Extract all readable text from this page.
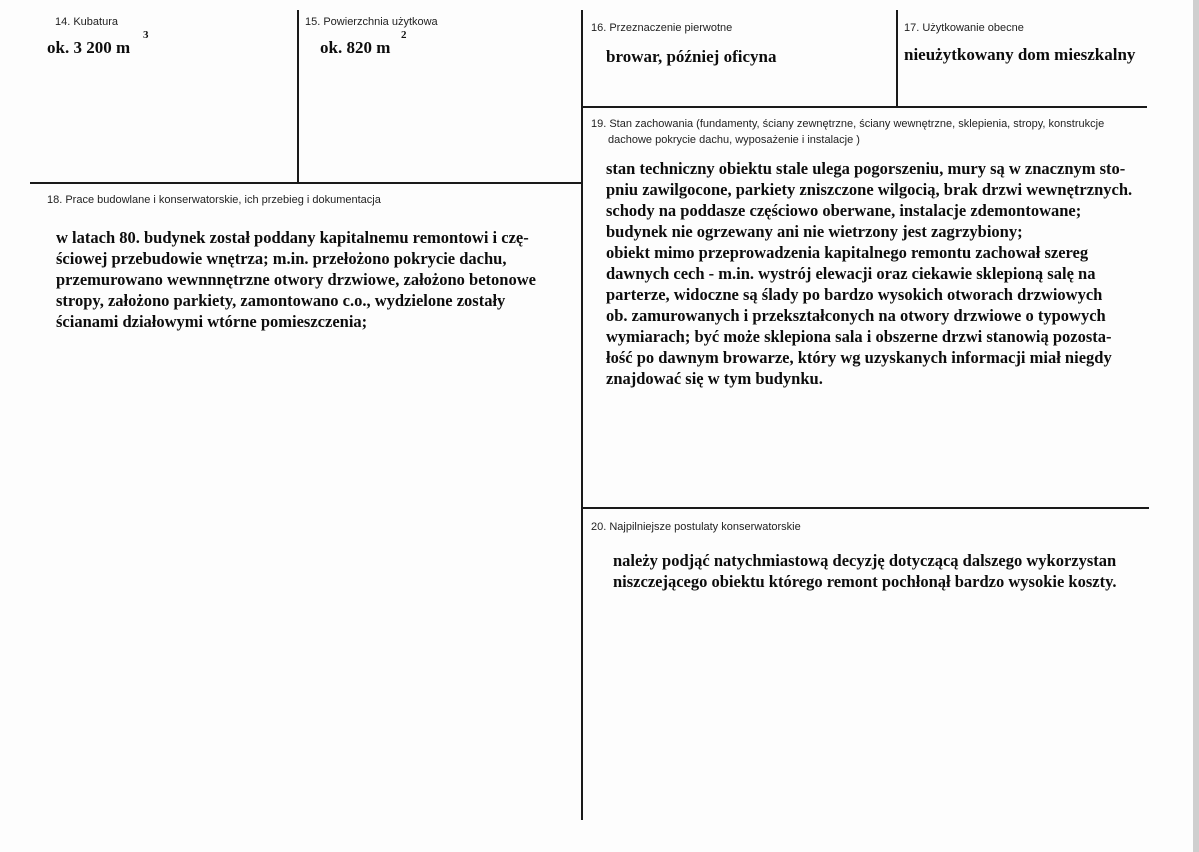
14. Kubatura
ok. 3 200 m
3
15. Powierzchnia użytkowa
ok. 820 m
2
16. Przeznaczenie pierwotne
browar, później oficyna
17. Użytkowanie obecne
nieużytkowany dom mieszkalny
19. Stan zachowania (fundamenty, ściany zewnętrzne, ściany wewnętrzne, sklepienia, stropy, konstrukcje
dachowe pokrycie dachu, wyposażenie i instalacje )
stan techniczny obiektu stale ulega pogorszeniu, mury są w znacznym sto-
pniu zawilgocone, parkiety zniszczone wilgocią, brak drzwi wewnętrznych.
schody na poddasze częściowo oberwane, instalacje zdemontowane;
budynek nie ogrzewany ani nie wietrzony jest zagrzybiony;
obiekt mimo przeprowadzenia kapitalnego remontu zachował szereg
dawnych cech - m.in. wystrój elewacji oraz ciekawie sklepioną salę na
parterze, widoczne są ślady po bardzo wysokich otworach drzwiowych
ob. zamurowanych i przekształconych na otwory drzwiowe o typowych
wymiarach; być może sklepiona sala i obszerne drzwi stanowią pozosta-
łość po dawnym browarze, który wg uzyskanych informacji miał niegdy
znajdować się w tym budynku.
18. Prace budowlane i konserwatorskie, ich przebieg i dokumentacja
w latach 80. budynek został poddany kapitalnemu remontowi i czę-
ściowej przebudowie wnętrza; m.in. przełożono pokrycie dachu,
przemurowano wewnnnętrzne otwory drzwiowe, założono betonowe
stropy, założono parkiety, zamontowano c.o., wydzielone zostały
ścianami działowymi wtórne pomieszczenia;
20. Najpilniejsze postulaty konserwatorskie
należy podjąć natychmiastową decyzję dotyczącą dalszego wykorzystan
niszczejącego obiektu którego remont pochłonął bardzo wysokie koszty.
